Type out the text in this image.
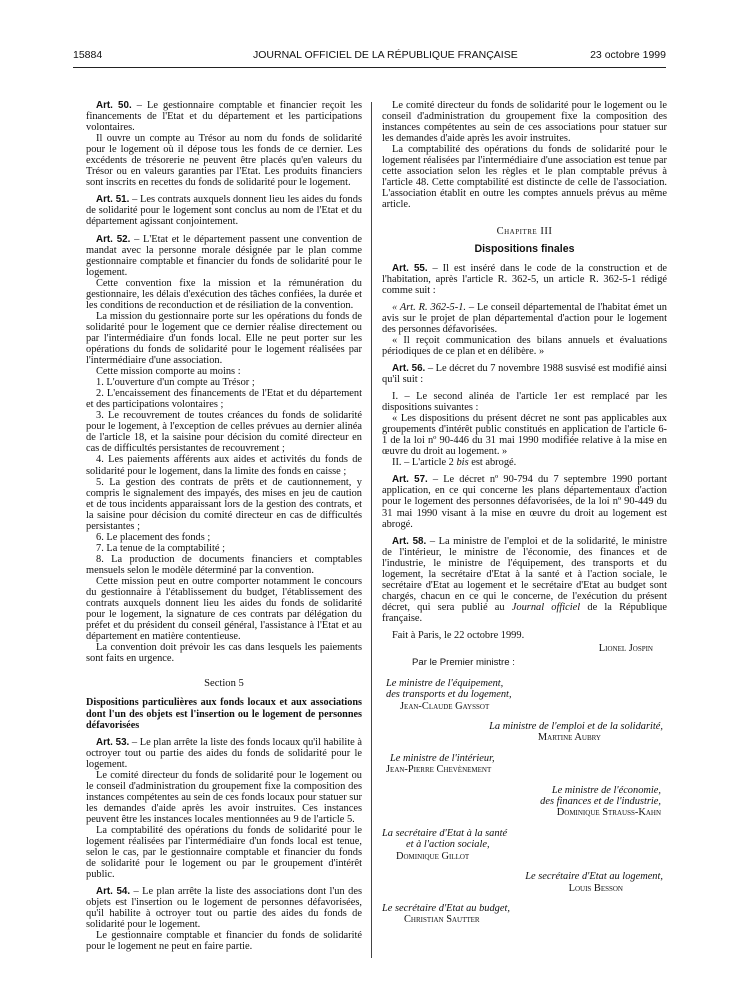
15884	JOURNAL OFFICIEL DE LA RÉPUBLIQUE FRANÇAISE	23 octobre 1999

Art. 50. – Le gestionnaire comptable et financier reçoit les financements de l'Etat et du département et les participations volontaires.

Il ouvre un compte au Trésor au nom du fonds de solidarité pour le logement où il dépose tous les fonds de ce dernier. Les excédents de trésorerie ne peuvent être placés qu'en valeurs du Trésor ou en valeurs garanties par l'Etat. Les produits financiers sont inscrits en recettes du fonds de solidarité pour le logement.

Art. 51. – Les contrats auxquels donnent lieu les aides du fonds de solidarité pour le logement sont conclus au nom de l'Etat et du département agissant conjointement.

Art. 52. – L'Etat et le département passent une convention de mandat avec la personne morale désignée par le plan comme gestionnaire comptable et financier du fonds de solidarité pour le logement.

Cette convention fixe la mission et la rémunération du gestionnaire, les délais d'exécution des tâches confiées, la durée et les conditions de reconduction et de résiliation de la convention.

La mission du gestionnaire porte sur les opérations du fonds de solidarité pour le logement que ce dernier réalise directement ou par l'intermédiaire d'un fonds local. Elle ne peut porter sur les opérations du fonds de solidarité pour le logement réalisées par l'intermédiaire d'une association.

Cette mission comporte au moins :

1. L'ouverture d'un compte au Trésor ;

2. L'encaissement des financements de l'Etat et du département et des participations volontaires ;

3. Le recouvrement de toutes créances du fonds de solidarité pour le logement, à l'exception de celles prévues au dernier alinéa de l'article 18, et la saisine pour décision du comité directeur en cas de difficultés persistantes de recouvrement ;

4. Les paiements afférents aux aides et activités du fonds de solidarité pour le logement, dans la limite des fonds en caisse ;

5. La gestion des contrats de prêts et de cautionnement, y compris le signalement des impayés, des mises en jeu de caution et de tous incidents apparaissant lors de la gestion des contrats, et la saisine pour décision du comité directeur en cas de difficultés persistantes ;

6. Le placement des fonds ;

7. La tenue de la comptabilité ;

8. La production de documents financiers et comptables mensuels selon le modèle déterminé par la convention.

Cette mission peut en outre comporter notamment le concours du gestionnaire à l'établissement du budget, l'établissement des contrats auxquels donnent lieu les aides du fonds de solidarité pour le logement, la signature de ces contrats par délégation du préfet et du président du conseil général, l'assistance à l'Etat et au département en matière contentieuse.

La convention doit prévoir les cas dans lesquels les paiements sont faits en urgence.

Section 5
Dispositions particulières aux fonds locaux et aux associations dont l'un des objets est l'insertion ou le logement de personnes défavorisées

Art. 53. – Le plan arrête la liste des fonds locaux qu'il habilite à octroyer tout ou partie des aides du fonds de solidarité pour le logement.

Le comité directeur du fonds de solidarité pour le logement ou le conseil d'administration du groupement fixe la composition des instances compétentes au sein de ces fonds locaux pour statuer sur les demandes d'aide après les avoir instruites. Ces instances peuvent être les instances locales mentionnées au 9 de l'article 5.

La comptabilité des opérations du fonds de solidarité pour le logement réalisées par l'intermédiaire d'un fonds local est tenue, selon le cas, par le gestionnaire comptable et financier du fonds de solidarité pour le logement ou par le groupement d'intérêt public.

Art. 54. – Le plan arrête la liste des associations dont l'un des objets est l'insertion ou le logement de personnes défavorisées, qu'il habilite à octroyer tout ou partie des aides du fonds de solidarité pour le logement.

Le gestionnaire comptable et financier du fonds de solidarité pour le logement ne peut en faire partie.

Le comité directeur du fonds de solidarité pour le logement ou le conseil d'administration du groupement fixe la composition des instances compétentes au sein de ces associations pour statuer sur les demandes d'aide après les avoir instruites.

La comptabilité des opérations du fonds de solidarité pour le logement réalisées par l'intermédiaire d'une association est tenue par cette association selon les règles et le plan comptable prévus à l'article 48. Cette comptabilité est distincte de celle de l'association. L'association établit en outre les comptes annuels prévus au même article.

Chapitre III
Dispositions finales

Art. 55. – Il est inséré dans le code de la construction et de l'habitation, après l'article R. 362-5, un article R. 362-5-1 rédigé comme suit :

« Art. R. 362-5-1. – Le conseil départemental de l'habitat émet un avis sur le projet de plan départemental d'action pour le logement des personnes défavorisées.

« Il reçoit communication des bilans annuels et évaluations périodiques de ce plan et en délibère. »

Art. 56. – Le décret du 7 novembre 1988 susvisé est modifié ainsi qu'il suit :

I. – Le second alinéa de l'article 1er est remplacé par les dispositions suivantes :

« Les dispositions du présent décret ne sont pas applicables aux groupements d'intérêt public constitués en application de l'article 6-1 de la loi nº 90-446 du 31 mai 1990 modifiée relative à la mise en œuvre du droit au logement. »

II. – L'article 2 bis est abrogé.

Art. 57. – Le décret nº 90-794 du 7 septembre 1990 portant application, en ce qui concerne les plans départementaux d'action pour le logement des personnes défavorisées, de la loi nº 90-449 du 31 mai 1990 visant à la mise en œuvre du droit au logement est abrogé.

Art. 58. – La ministre de l'emploi et de la solidarité, le ministre de l'intérieur, le ministre de l'économie, des finances et de l'industrie, le ministre de l'équipement, des transports et du logement, la secrétaire d'Etat à la santé et à l'action sociale, le secrétaire d'Etat au logement et le secrétaire d'Etat au budget sont chargés, chacun en ce qui le concerne, de l'exécution du présent décret, qui sera publié au Journal officiel de la République française.

Fait à Paris, le 22 octobre 1999.

Lionel Jospin
Par le Premier ministre :
Le ministre de l'équipement,
des transports et du logement,
Jean-Claude Gayssot
La ministre de l'emploi et de la solidarité,
Martine Aubry
Le ministre de l'intérieur,
Jean-Pierre Chevènement
Le ministre de l'économie,
des finances et de l'industrie,
Dominique Strauss-Kahn
La secrétaire d'Etat à la santé
et à l'action sociale,
Dominique Gillot
Le secrétaire d'Etat au logement,
Louis Besson
Le secrétaire d'Etat au budget,
Christian Sautter
